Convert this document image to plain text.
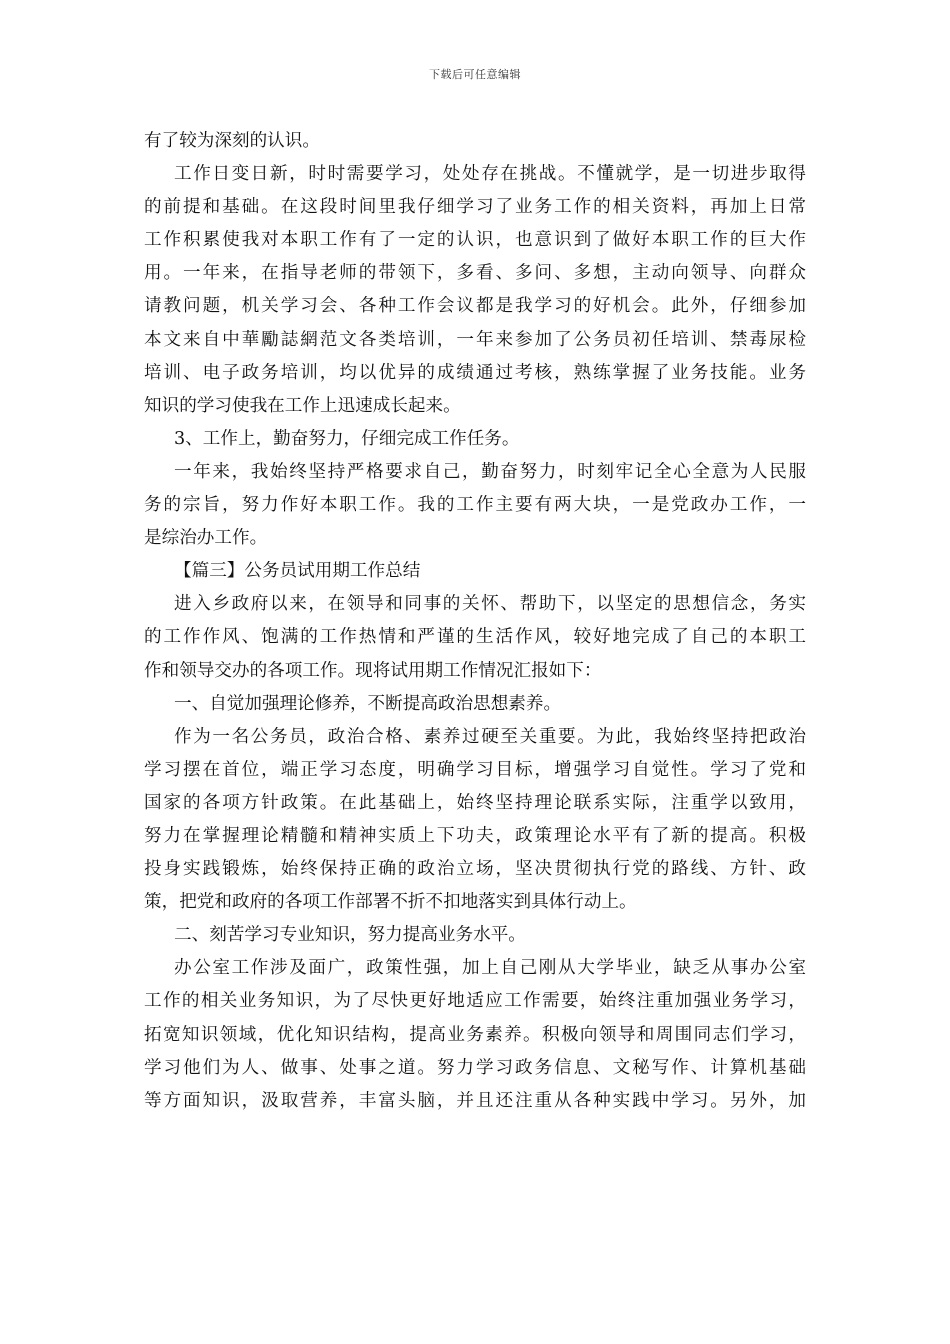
下载后可任意编辑
有了较为深刻的认识。
工作日变日新，时时需要学习，处处存在挑战。不懂就学，是一切进步取得
的前提和基础。在这段时间里我仔细学习了业务工作的相关资料，再加上日常
工作积累使我对本职工作有了一定的认识，也意识到了做好本职工作的巨大作
用。一年来，在指导老师的带领下，多看、多问、多想，主动向领导、向群众
请教问题，机关学习会、各种工作会议都是我学习的好机会。此外，仔细参加
本文来自中華勵誌網范文各类培训，一年来参加了公务员初任培训、禁毒尿检
培训、电子政务培训，均以优异的成绩通过考核，熟练掌握了业务技能。业务
知识的学习使我在工作上迅速成长起来。
3、工作上，勤奋努力，仔细完成工作任务。
一年来，我始终坚持严格要求自己，勤奋努力，时刻牢记全心全意为人民服
务的宗旨，努力作好本职工作。我的工作主要有两大块，一是党政办工作，一
是综治办工作。
【篇三】公务员试用期工作总结
进入乡政府以来，在领导和同事的关怀、帮助下，以坚定的思想信念，务实
的工作作风、饱满的工作热情和严谨的生活作风，较好地完成了自己的本职工
作和领导交办的各项工作。现将试用期工作情况汇报如下：
一、自觉加强理论修养，不断提高政治思想素养。
作为一名公务员，政治合格、素养过硬至关重要。为此，我始终坚持把政治
学习摆在首位，端正学习态度，明确学习目标，增强学习自觉性。学习了党和
国家的各项方针政策。在此基础上，始终坚持理论联系实际，注重学以致用，
努力在掌握理论精髓和精神实质上下功夫，政策理论水平有了新的提高。积极
投身实践锻炼，始终保持正确的政治立场，坚决贯彻执行党的路线、方针、政
策，把党和政府的各项工作部署不折不扣地落实到具体行动上。
二、刻苦学习专业知识，努力提高业务水平。
办公室工作涉及面广，政策性强，加上自己刚从大学毕业，缺乏从事办公室
工作的相关业务知识，为了尽快更好地适应工作需要，始终注重加强业务学习，
拓宽知识领域，优化知识结构，提高业务素养。积极向领导和周围同志们学习，
学习他们为人、做事、处事之道。努力学习政务信息、文秘写作、计算机基础
等方面知识，汲取营养，丰富头脑，并且还注重从各种实践中学习。另外，加
